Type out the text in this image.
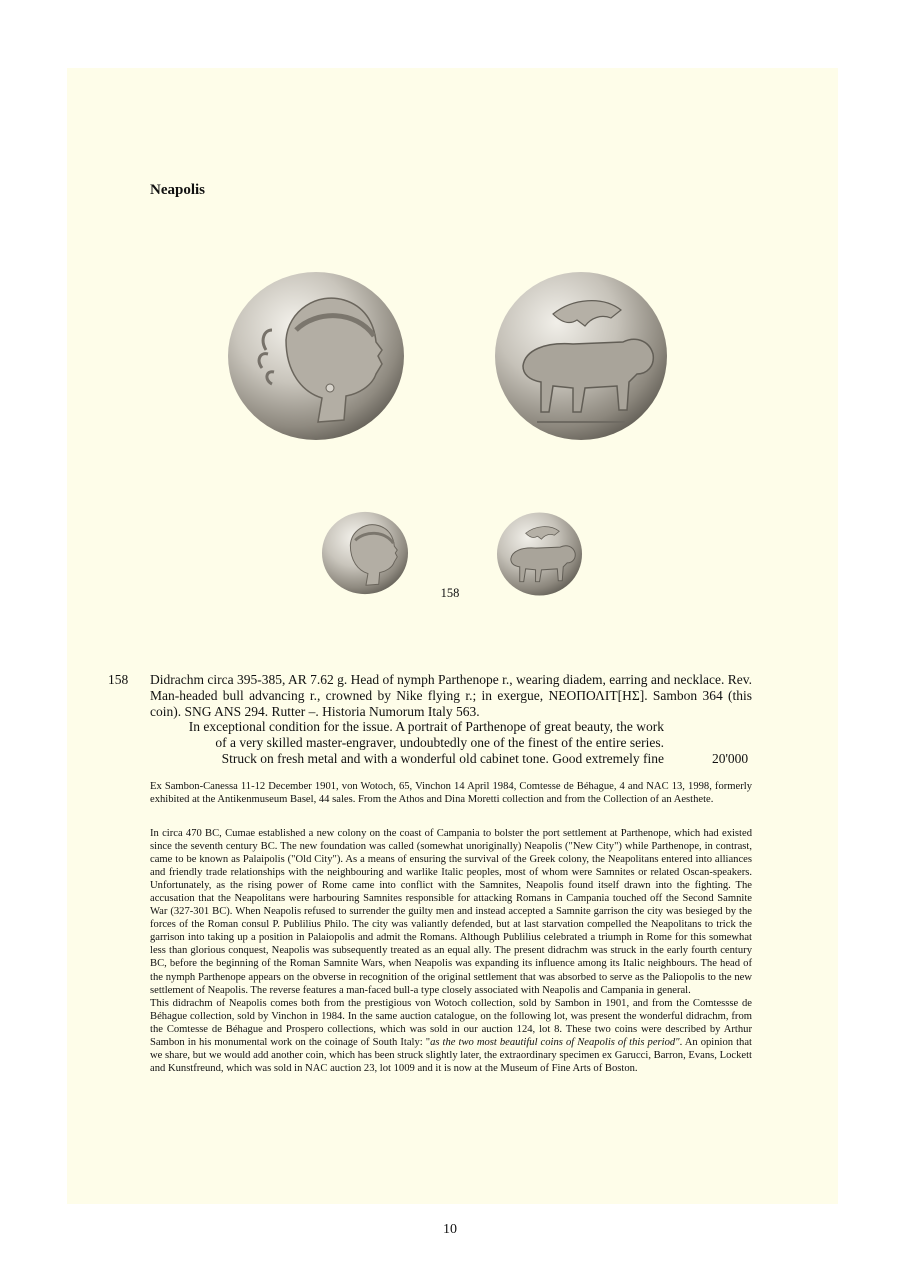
Neapolis
158
158 Didrachm circa 395-385, AR 7.62 g. Head of nymph Parthenope r., wearing diadem, earring and necklace. Rev. Man-headed bull advancing r., crowned by Nike flying r.; in exergue, ΝΕΟΠΟΛΙΤ[ΗΣ]. Sambon 364 (this coin). SNG ANS 294. Rutter –. Historia Numorum Italy 563.
In exceptional condition for the issue. A portrait of Parthenope of great beauty, the work
of a very skilled master-engraver, undoubtedly one of the finest of the entire series.
Struck on fresh metal and with a wonderful old cabinet tone. Good extremely fine	20'000

Ex Sambon-Canessa 11-12 December 1901, von Wotoch, 65, Vinchon 14 April 1984, Comtesse de Béhague, 4 and NAC 13, 1998, formerly exhibited at the Antikenmuseum Basel, 44 sales. From the Athos and Dina Moretti collection and from the Collection of an Aesthete.

In circa 470 BC, Cumae established a new colony on the coast of Campania to bolster the port settlement at Parthenope, which had existed since the seventh century BC. The new foundation was called (somewhat unoriginally) Neapolis ("New City") while Parthenope, in contrast, came to be known as Palaipolis ("Old City"). As a means of ensuring the survival of the Greek colony, the Neapolitans entered into alliances and friendly trade relationships with the neighbouring and warlike Italic peoples, most of whom were Samnites or related Oscan-speakers. Unfortunately, as the rising power of Rome came into conflict with the Samnites, Neapolis found itself drawn into the fighting. The accusation that the Neapolitans were harbouring Samnites responsible for attacking Romans in Campania touched off the Second Samnite War (327-301 BC). When Neapolis refused to surrender the guilty men and instead accepted a Samnite garrison the city was besieged by the forces of the Roman consul P. Publilius Philo. The city was valiantly defended, but at last starvation compelled the Neapolitans to trick the garrison into taking up a position in Palaiopolis and admit the Romans. Although Publilius celebrated a triumph in Rome for this somewhat less than glorious conquest, Neapolis was subsequently treated as an equal ally. The present didrachm was struck in the early fourth century BC, before the beginning of the Roman Samnite Wars, when Neapolis was expanding its influence among its Italic neighbours. The head of the nymph Parthenope appears on the obverse in recognition of the original settlement that was absorbed to serve as the Paliopolis to the new settlement of Neapolis. The reverse features a man-faced bull-a type closely associated with Neapolis and Campania in general.

This didrachm of Neapolis comes both from the prestigious von Wotoch collection, sold by Sambon in 1901, and from the Comtessse de Béhague collection, sold by Vinchon in 1984. In the same auction catalogue, on the following lot, was present the wonderful didrachm, from the Comtesse de Béhague and Prospero collections, which was sold in our auction 124, lot 8. These two coins were described by Arthur Sambon in his monumental work on the coinage of South Italy: "as the two most beautiful coins of Neapolis of this period". An opinion that we share, but we would add another coin, which has been struck slightly later, the extraordinary specimen ex Garucci, Barron, Evans, Lockett and Kunstfreund, which was sold in NAC auction 23, lot 1009 and it is now at the Museum of Fine Arts of Boston.

10
